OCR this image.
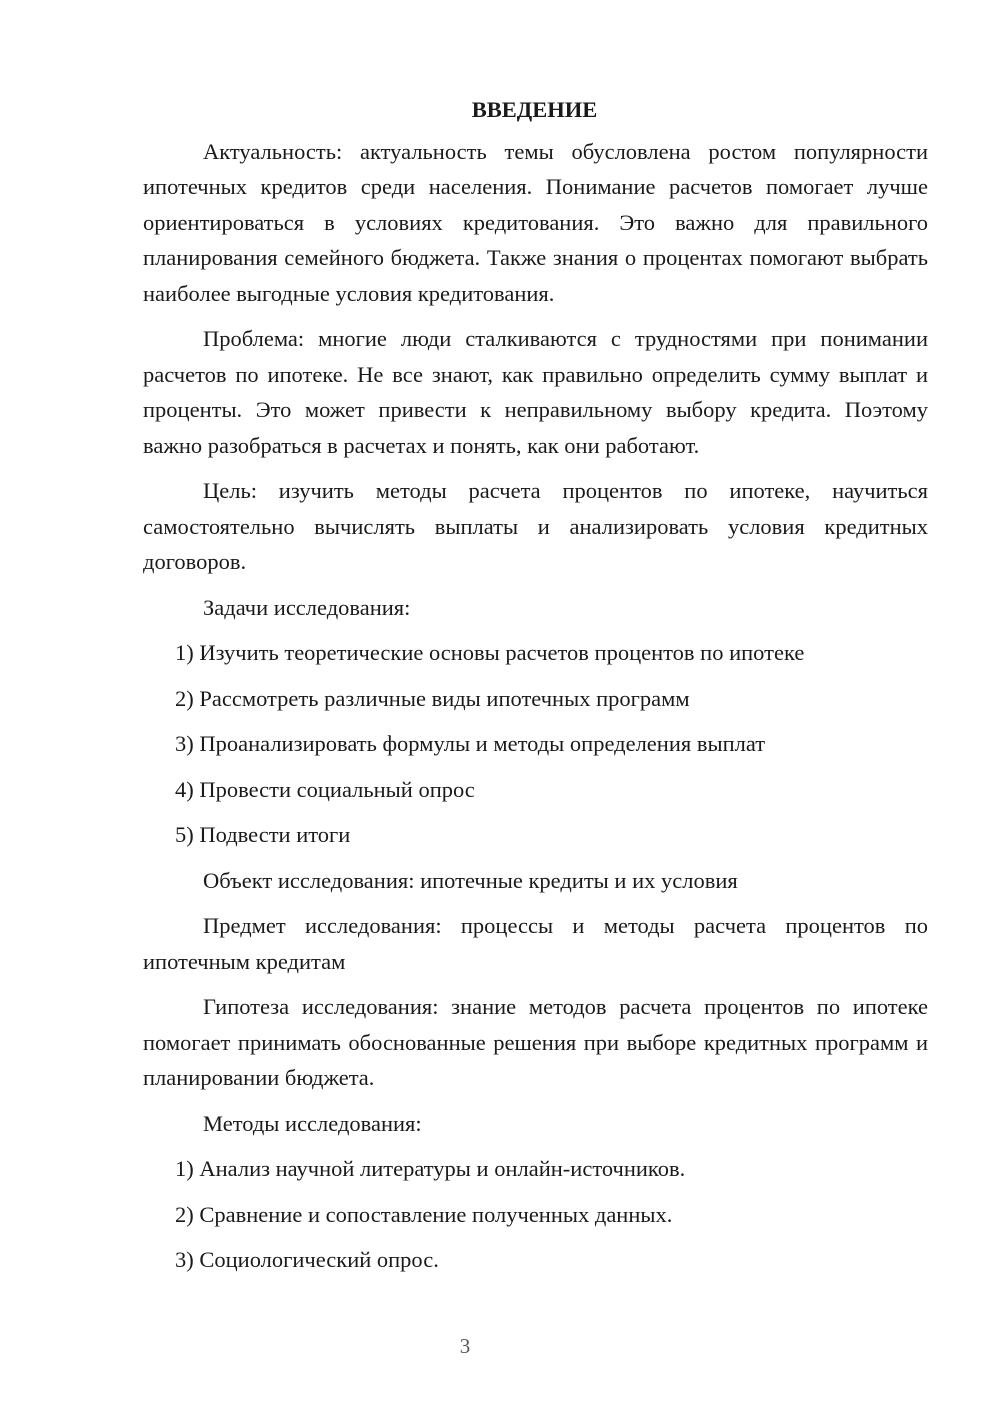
ВВЕДЕНИЕ

Актуальность: актуальность темы обусловлена ростом популярности ипотечных кредитов среди населения. Понимание расчетов помогает лучше ориентироваться в условиях кредитования. Это важно для правильного планирования семейного бюджета. Также знания о процентах помогают выбрать наиболее выгодные условия кредитования.

Проблема: многие люди сталкиваются с трудностями при понимании расчетов по ипотеке. Не все знают, как правильно определить сумму выплат и проценты. Это может привести к неправильному выбору кредита. Поэтому важно разобраться в расчетах и понять, как они работают.

Цель: изучить методы расчета процентов по ипотеке, научиться самостоятельно вычислять выплаты и анализировать условия кредитных договоров.

Задачи исследования:

1) Изучить теоретические основы расчетов процентов по ипотеке
2) Рассмотреть различные виды ипотечных программ
3) Проанализировать формулы и методы определения выплат
4) Провести социальный опрос
5) Подвести итоги

Объект исследования: ипотечные кредиты и их условия

Предмет исследования: процессы и методы расчета процентов по ипотечным кредитам

Гипотеза исследования: знание методов расчета процентов по ипотеке помогает принимать обоснованные решения при выборе кредитных программ и планировании бюджета.

Методы исследования:

1) Анализ научной литературы и онлайн-источников.
2) Сравнение и сопоставление полученных данных.
3) Социологический опрос.
3
